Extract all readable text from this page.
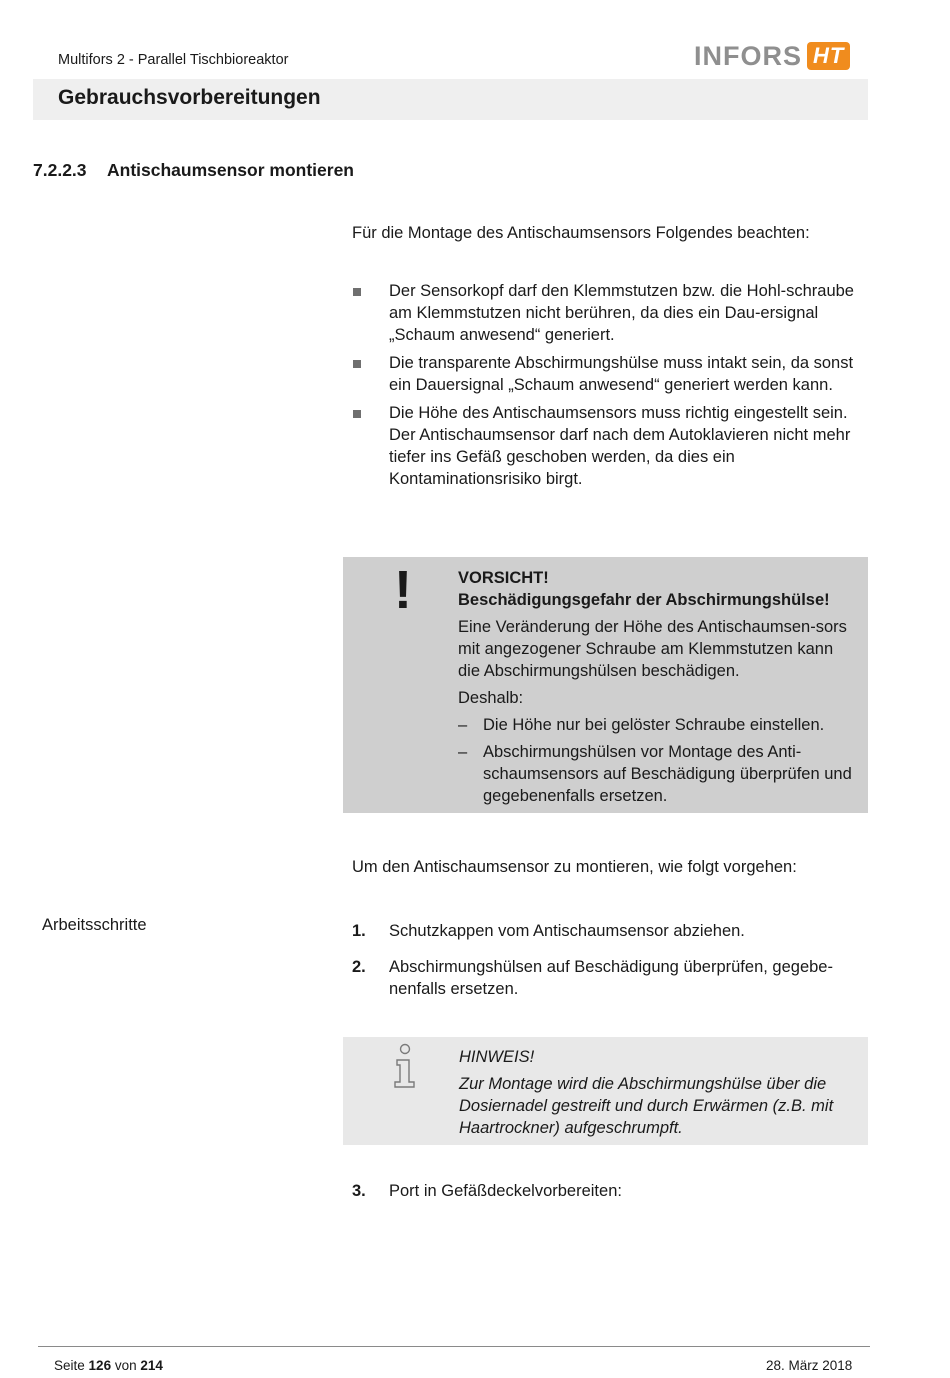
Multifors 2 - Parallel Tischbioreaktor	INFORS HT
Gebrauchsvorbereitungen
7.2.2.3 Antischaumsensor montieren
Für die Montage des Antischaumsensors Folgendes beachten:
Der Sensorkopf darf den Klemmstutzen bzw. die Hohl-schraube am Klemmstutzen nicht berühren, da dies ein Dau-ersignal „Schaum anwesend“ generiert.
Die transparente Abschirmungshülse muss intakt sein, da sonst ein Dauersignal „Schaum anwesend“ generiert werden kann.
Die Höhe des Antischaumsensors muss richtig eingestellt sein. Der Antischaumsensor darf nach dem Autoklavieren nicht mehr tiefer ins Gefäß geschoben werden, da dies ein Kontaminationsrisiko birgt.
!	VORSICHT!
Beschädigungsgefahr der Abschirmungshülse!
Eine Veränderung der Höhe des Antischaumsen-sors mit angezogener Schraube am Klemmstutzen kann die Abschirmungshülsen beschädigen.
Deshalb:
– Die Höhe nur bei gelöster Schraube einstellen.
– Abschirmungshülsen vor Montage des Anti-schaumsensors auf Beschädigung überprüfen und gegebenenfalls ersetzen.
Um den Antischaumsensor zu montieren, wie folgt vorgehen:
Arbeitsschritte	1. Schutzkappen vom Antischaumsensor abziehen.
2. Abschirmungshülsen auf Beschädigung überprüfen, gegebe-nenfalls ersetzen.
HINWEIS!
Zur Montage wird die Abschirmungshülse über die Dosiernadel gestreift und durch Erwärmen (z.B. mit Haartrockner) aufgeschrumpft.
3. Port in Gefäßdeckelvorbereiten:
Seite 126 von 214	28. März 2018
